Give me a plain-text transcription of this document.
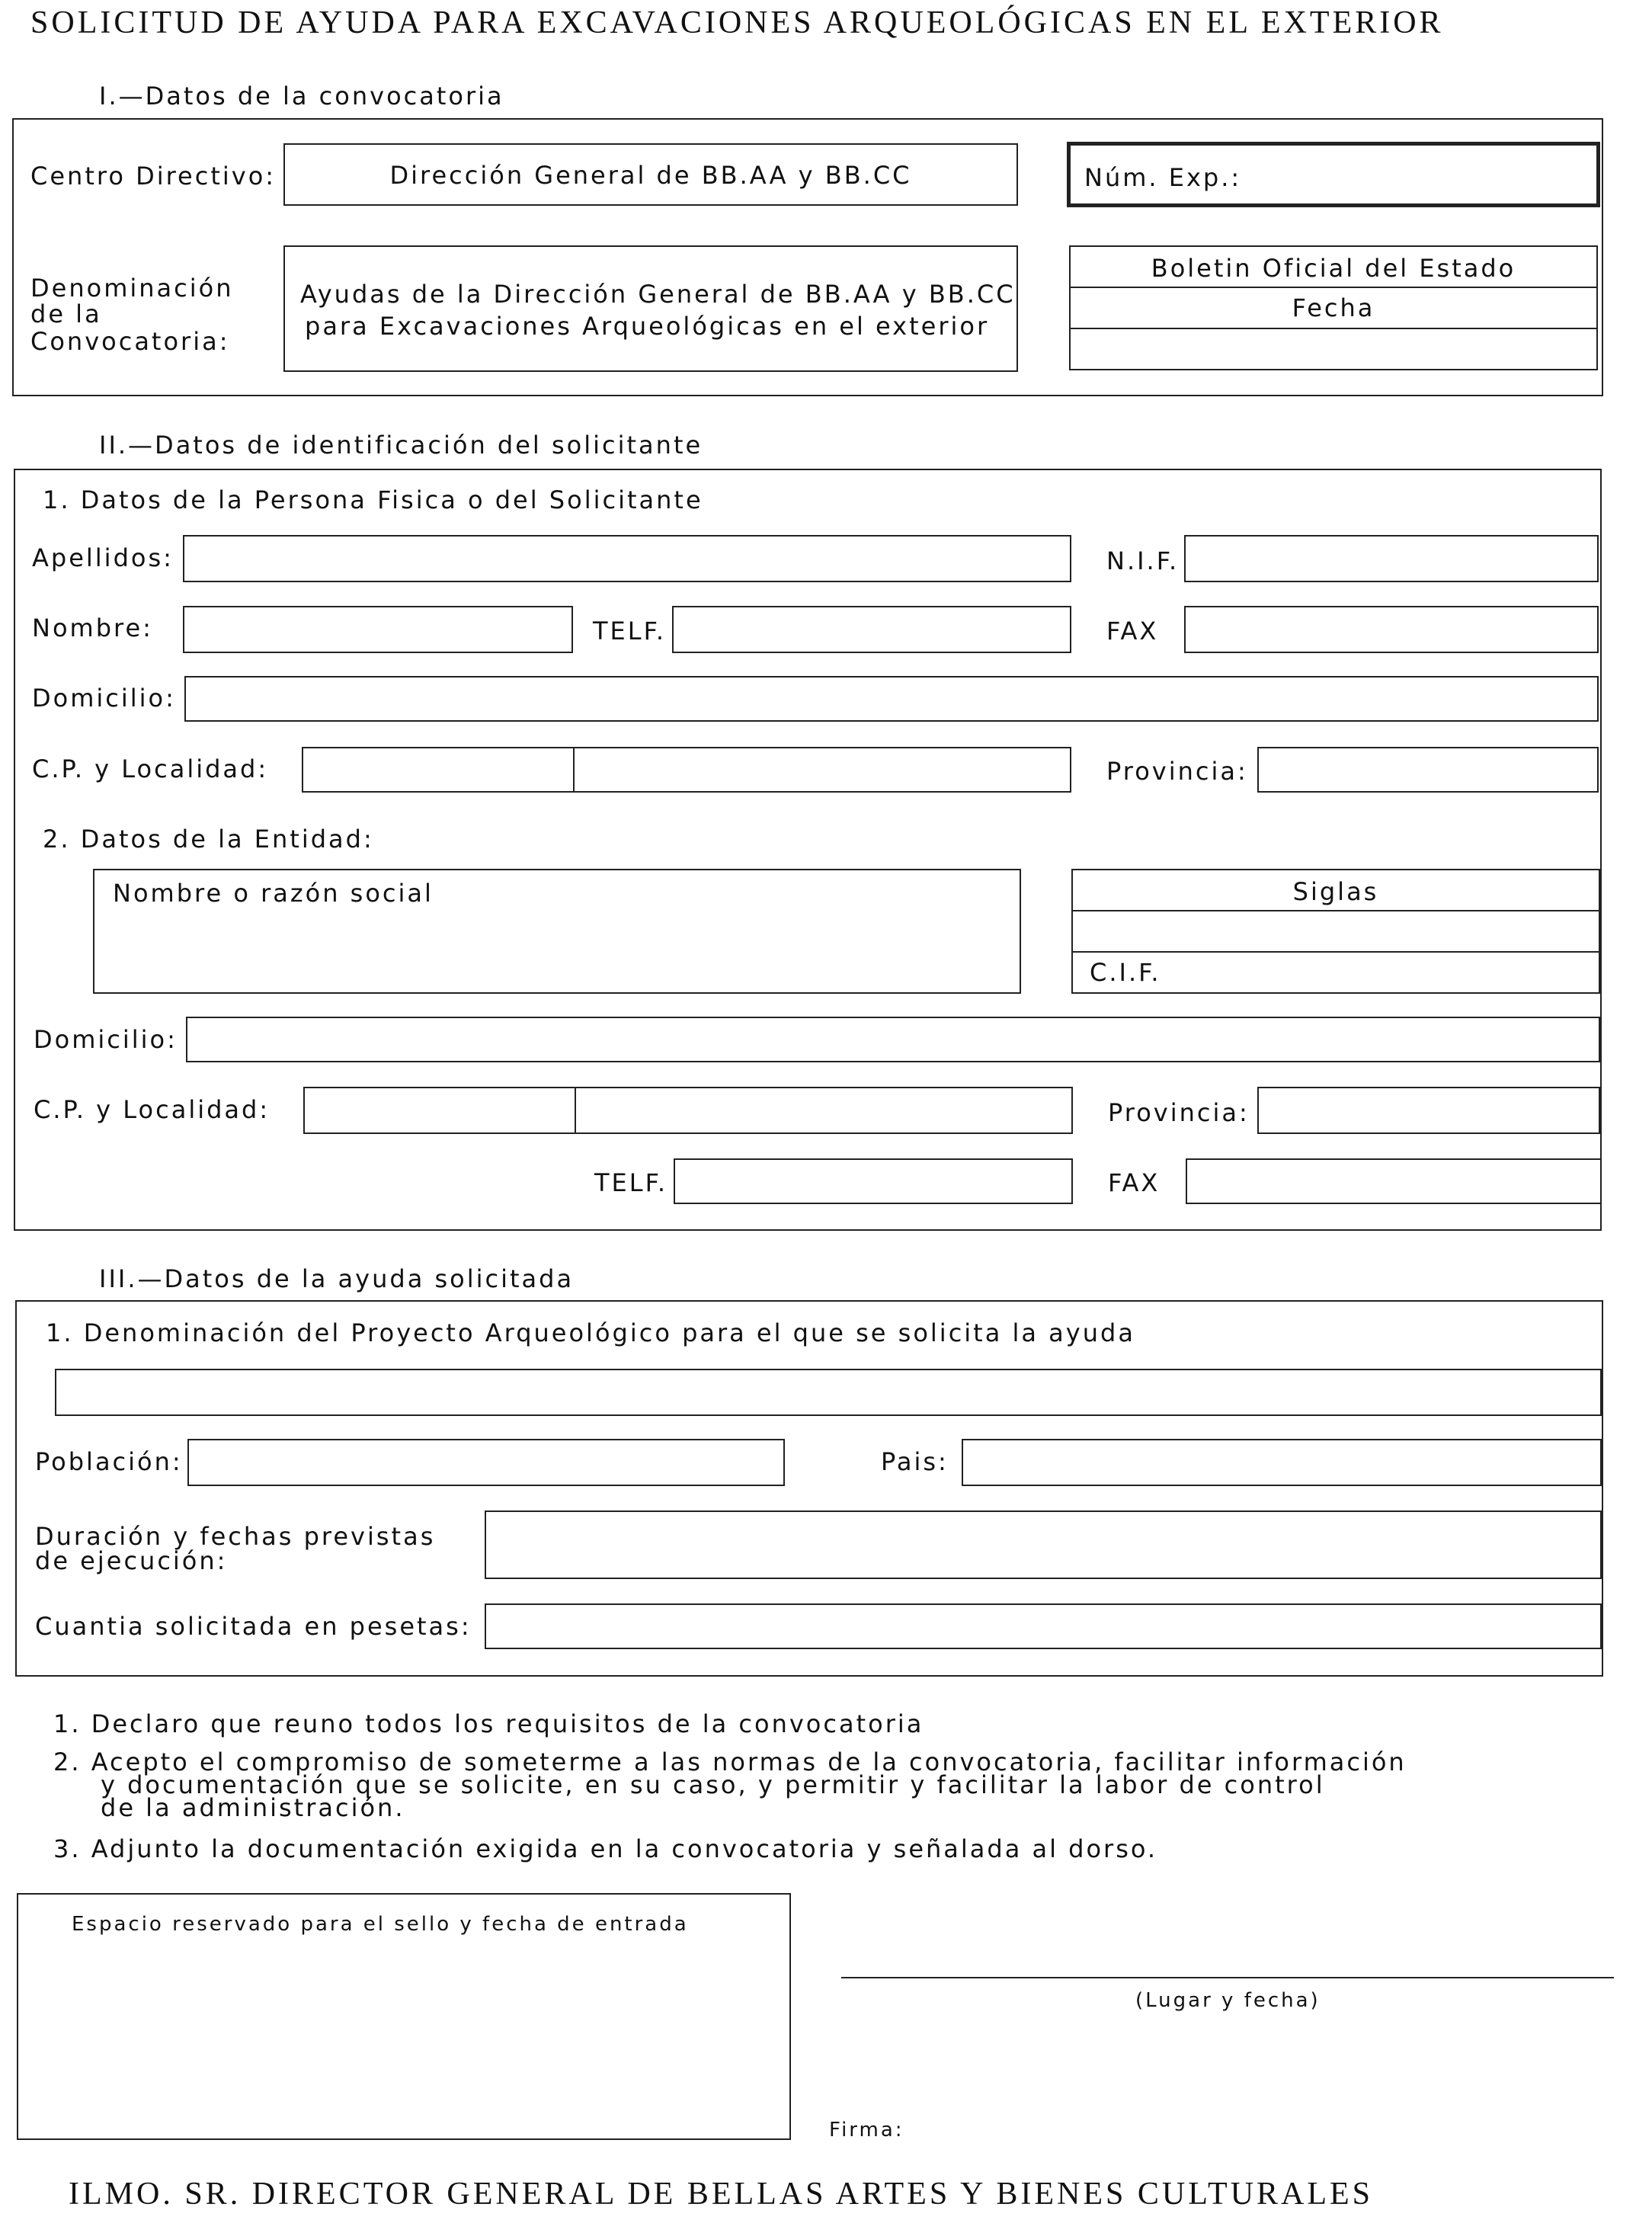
SOLICITUD DE AYUDA PARA EXCAVACIONES ARQUEOLÓGICAS EN EL EXTERIOR
I.—Datos de la convocatoria
Centro Directivo:	Dirección General de BB.AA y BB.CC	Núm. Exp.:
Denominación
de la
Convocatoria:
Ayudas de la Dirección General de BB.AA y BB.CC
para Excavaciones Arqueológicas en el exterior
Boletin Oficial del Estado
Fecha
II.—Datos de identificación del solicitante
1. Datos de la Persona Fisica o del Solicitante
Apellidos:	N.I.F.
Nombre:	TELF.	FAX
Domicilio:
C.P. y Localidad:	Provincia:
2. Datos de la Entidad:
Nombre o razón social	Siglas
C.I.F.
Domicilio:
C.P. y Localidad:	Provincia:
TELF.	FAX
III.—Datos de la ayuda solicitada
1. Denominación del Proyecto Arqueológico para el que se solicita la ayuda
Población:	Pais:
Duración y fechas previstas
de ejecución:
Cuantia solicitada en pesetas:
1. Declaro que reuno todos los requisitos de la convocatoria
2. Acepto el compromiso de someterme a las normas de la convocatoria, facilitar información
y documentación que se solicite, en su caso, y permitir y facilitar la labor de control
de la administración.
3. Adjunto la documentación exigida en la convocatoria y señalada al dorso.
Espacio reservado para el sello y fecha de entrada
(Lugar y fecha)
Firma:
ILMO. SR. DIRECTOR GENERAL DE BELLAS ARTES Y BIENES CULTURALES
